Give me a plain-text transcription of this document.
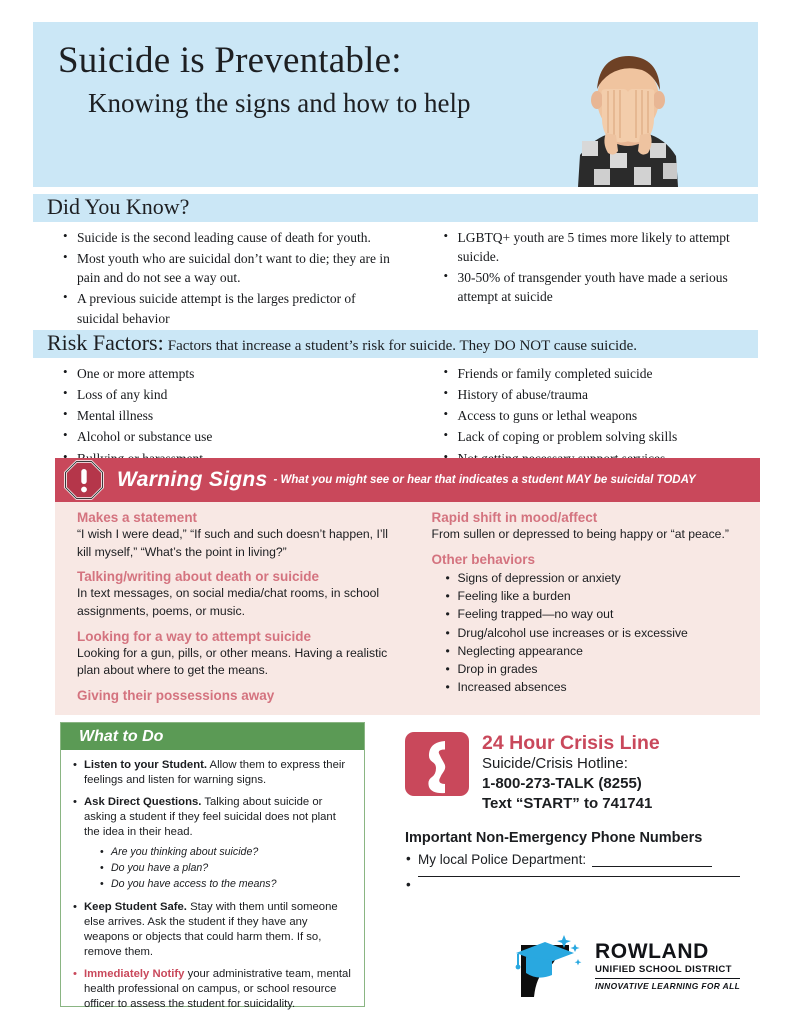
Suicide is Preventable:
Knowing the signs and how to help
Did You Know?
• Suicide is the second leading cause of death for youth.
• Most youth who are suicidal don’t want to die; they are in pain and do not see a way out.
• A previous suicide attempt is the larges predictor of suicidal behavior
• LGBTQ+ youth are 5 times more likely to attempt suicide.
• 30-50% of transgender youth have made a serious attempt at suicide
Risk Factors: Factors that increase a student’s risk for suicide. They DO NOT cause suicide.
• One or more attempts
• Loss of any kind
• Mental illness
• Alcohol or substance use
•
• Friends or family completed suicide
• History of abuse/trauma
• Access to guns or lethal weapons
• Lack of coping or problem solving skills
•
Warning Signs - What you might see or hear that indicates a student MAY be suicidal TODAY
Makes a statement
“I wish I were dead,” “If such and such doesn’t happen, I’ll kill myself,” “What’s the point in living?”
Talking/writing about death or suicide
In text messages, on social media/chat rooms, in school assignments, poems, or music.
Looking for a way to attempt suicide
Looking for a gun, pills, or other means. Having a realistic plan about where to get the means.
Giving their possessions away
Rapid shift in mood/affect
From sullen or depressed to being happy or “at peace.”
Other behaviors
• Signs of depression or anxiety
• Feeling like a burden
• Feeling trapped—no way out
• Drug/alcohol use increases or is excessive
• Neglecting appearance
• Drop in grades
• Increased absences
What to Do
• Listen to your Student. Allow them to express their feelings and listen for warning signs.
• Ask Direct Questions. Talking about suicide or asking a student if they feel suicidal does not plant the idea in their head.
• Are you thinking about suicide?
• Do you have a plan?
• Do you have access to the means?
• Keep Student Safe. Stay with them until someone else arrives. Ask the student if they have any weapons or objects that could harm them. If so, remove them.
• Immediately Notify your administrative team, mental health professional on campus, or school resource officer to assess the student for suicidality.
24 Hour Crisis Line
Suicide/Crisis Hotline:
1-800-273-TALK (8255)
Text “START” to 741741
Important Non-Emergency Phone Numbers
• My local Police Department:
•
ROWLAND
UNIFIED SCHOOL DISTRICT
INNOVATIVE LEARNING FOR ALL
